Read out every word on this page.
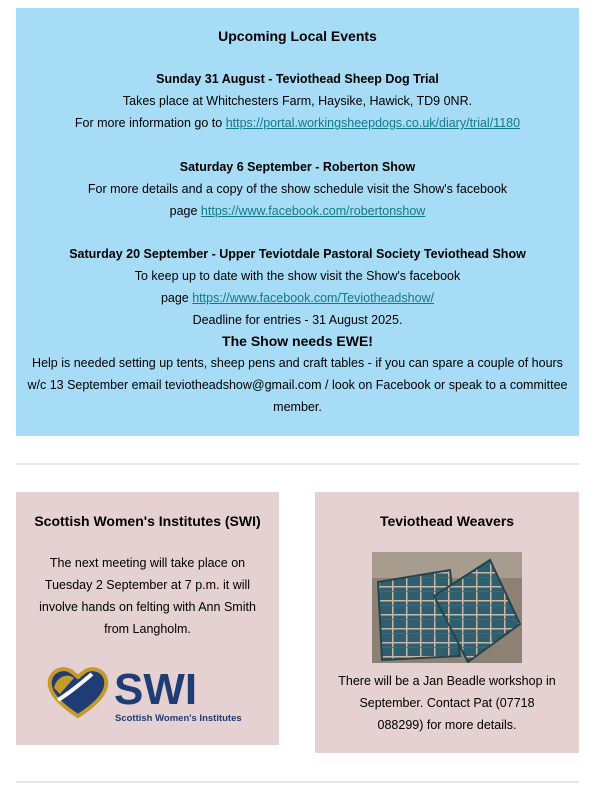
Upcoming Local Events
Sunday 31 August - Teviothead Sheep Dog Trial
Takes place at Whitchesters Farm, Haysike, Hawick, TD9 0NR.
For more information go to https://portal.workingsheepdogs.co.uk/diary/trial/1180
Saturday 6 September - Roberton Show
For more details and a copy of the show schedule visit the Show's facebook
page https://www.facebook.com/robertonshow
Saturday 20 September - Upper Teviotdale Pastoral Society Teviothead Show
To keep up to date with the show visit the Show's facebook
page https://www.facebook.com/Teviotheadshow/
Deadline for entries - 31 August 2025.
The Show needs EWE!
Help is needed setting up tents, sheep pens and craft tables - if you can spare a couple of hours
w/c 13 September email teviotheadshow@gmail.com / look on Facebook or speak to a committee
member.
Scottish Women's Institutes (SWI)
The next meeting will take place on
Tuesday 2 September at 7 p.m. it will
involve hands on felting with Ann Smith
from Langholm.
SWI
Scottish Women's Institutes
Teviothead Weavers
There will be a Jan Beadle workshop in
September. Contact Pat (07718
088299) for more details.
